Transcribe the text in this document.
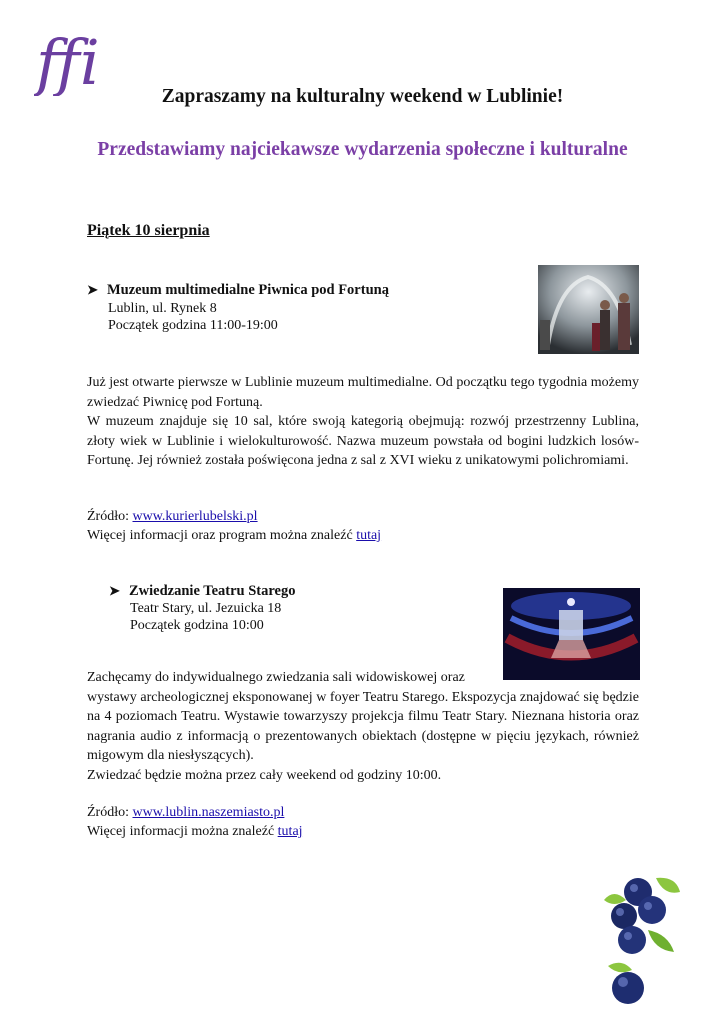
ffi	Zapraszamy na kulturalny weekend w Lublinie!
Przedstawiamy najciekawsze wydarzenia społeczne i kulturalne
Piątek 10 sierpnia
➤ Muzeum multimedialne Piwnica pod Fortuną
Lublin, ul. Rynek 8
Początek godzina 11:00-19:00
Już jest otwarte pierwsze w Lublinie muzeum multimedialne. Od początku tego tygodnia możemy zwiedzać Piwnicę pod Fortuną.
W muzeum znajduje się 10 sal, które swoją kategorią obejmują: rozwój przestrzenny Lublina, złoty wiek w Lublinie i wielokulturowość. Nazwa muzeum powstała od bogini ludzkich losów-Fortunę. Jej również została poświęcona jedna z sal z XVI wieku z unikatowymi polichromiami.
Źródło: www.kurierlubelski.pl
Więcej informacji oraz program można znaleźć tutaj
➤ Zwiedzanie Teatru Starego
Teatr Stary, ul. Jezuicka 18
Początek godzina 10:00
Zachęcamy do indywidualnego zwiedzania sali widowiskowej oraz
wystawy archeologicznej eksponowanej w foyer Teatru Starego. Ekspozycja znajdować się będzie na 4 poziomach Teatru. Wystawie towarzyszy projekcja filmu Teatr Stary. Nieznana historia oraz nagrania audio z informacją o prezentowanych obiektach (dostępne w pięciu językach, również migowym dla niesłyszących).
Zwiedzać będzie można przez cały weekend od godziny 10:00.
Źródło: www.lublin.naszemiasto.pl
Więcej informacji można znaleźć tutaj
